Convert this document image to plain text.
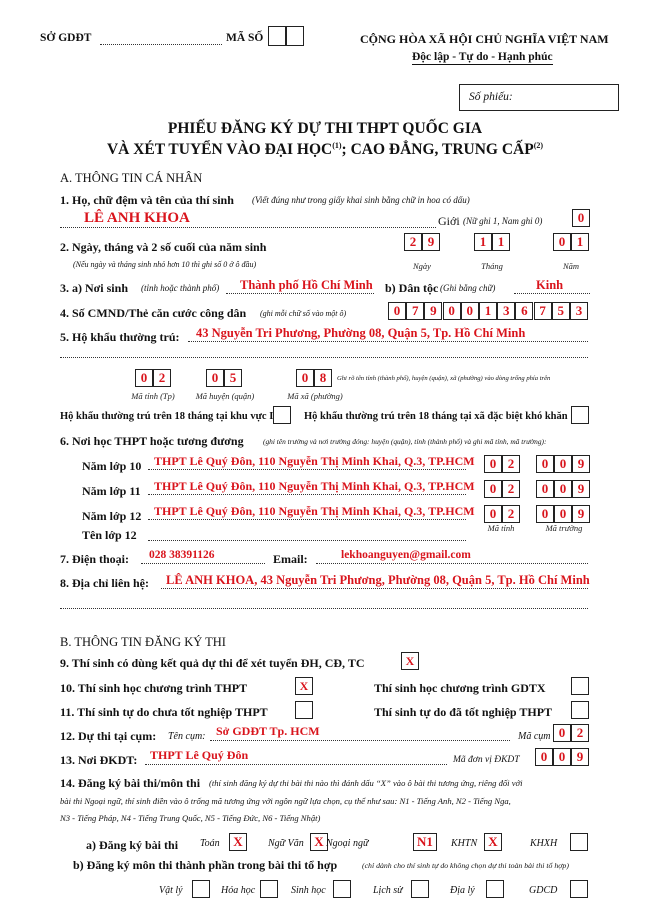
SỞ GDĐT	MÃ SỐ	CỘNG HÒA XÃ HỘI CHỦ NGHĨA VIỆT NAM
Độc lập - Tự do - Hạnh phúc
Số phiếu:
PHIẾU ĐĂNG KÝ DỰ THI THPT QUỐC GIA
VÀ XÉT TUYỂN VÀO ĐẠI HỌC$^{(1)}$; CAO ĐẲNG, TRUNG CẤP$^{(2)}$
A. THÔNG TIN CÁ NHÂN
1. Họ, chữ đệm và tên của thí sinh (Viết đúng như trong giấy khai sinh bằng chữ in hoa có dấu)
LÊ ANH KHOA	Giới (Nữ ghi 1, Nam ghi 0)	0
2. Ngày, tháng và 2 số cuối của năm sinh
(Nếu ngày và tháng sinh nhỏ hơn 10 thì ghi số 0 ở ô đầu)
2 9	1 1	0 1
Ngày	Tháng	Năm
3. a) Nơi sinh (tỉnh hoặc thành phố) Thành phố Hồ Chí Minh b) Dân tộc (Ghi bằng chữ)	Kinh
4. Số CMND/Thẻ căn cước công dân (ghi mỗi chữ số vào một ô)
5. Hộ khẩu thường trú: 43 Nguyễn Tri Phương, Phường 08, Quận 5, Tp. Hồ Chí Minh
0 2	0 5	0 8	Ghi rõ tên tỉnh (thành phố), huyện (quận), xã (phường) vào dòng trống phía trên
Mã tỉnh (Tp)	Mã huyện (quận)	Mã xã (phường)
Hộ khẩu thường trú trên 18 tháng tại khu vực I	Hộ khẩu thường trú trên 18 tháng tại xã đặc biệt khó khăn
6. Nơi học THPT hoặc tương đương	(ghi tên trường và nơi trường đóng: huyện (quận), tỉnh (thành phố) và ghi mã tỉnh, mã trường):
Tên lớp 12	Mã tỉnh	Mã trường
7. Điện thoại: 028 38391126	Email:	lekhoanguyen@gmail.com
8. Địa chỉ liên hệ: LÊ ANH KHOA, 43 Nguyễn Tri Phương, Phường 08, Quận 5, Tp. Hồ Chí Minh
B. THÔNG TIN ĐĂNG KÝ THI
9. Thí sinh có dùng kết quả dự thi để xét tuyển ĐH, CĐ, TC	X
10. Thí sinh học chương trình THPT	X	Thí sinh học chương trình GDTX
11. Thí sinh tự do chưa tốt nghiệp THPT	Thí sinh tự do đã tốt nghiệp THPT
12. Dự thi tại cụm: Tên cụm: Sở GDĐT Tp. HCM	Mã cụm 0 2
13. Nơi ĐKDT: THPT Lê Quý Đôn	Mã đơn vị ĐKDT	0 0 9
14. Đăng ký bài thi/môn thi (thí sinh đăng ký dự thi bài thi nào thì đánh dấu “X” vào ô bài thi tương ứng, riêng đối với
bài thi Ngoại ngữ, thí sinh điền vào ô trống mã tương ứng với ngôn ngữ lựa chọn, cụ thể như sau: N1 - Tiếng Anh, N2 - Tiếng Nga,
N3 - Tiếng Pháp, N4 - Tiếng Trung Quốc, N5 - Tiếng Đức, N6 - Tiếng Nhật)
a) Đăng ký bài thi
b) Đăng ký môn thi thành phần trong bài thi tổ hợp	(chỉ dành cho thí sinh tự do không chọn dự thi toàn bài thi tổ hợp)
0 7 9 0 0 1 3 6 7 5 3
Năm lớp 10 THPT Lê Quý Đôn, 110 Nguyễn Thị Minh Khai, Q.3, TP.HCM	0 2	0 0 9
Năm lớp 11 THPT Lê Quý Đôn, 110 Nguyễn Thị Minh Khai, Q.3, TP.HCM	0 2	0 0 9
Năm lớp 12 THPT Lê Quý Đôn, 110 Nguyễn Thị Minh Khai, Q.3, TP.HCM	0 2	0 0 9
Toán	X	Ngữ Văn X Ngoại ngữ	N1	KHTN X	KHXH
Vật lý	Hóa học	Sinh học	Lịch sử	Địa lý	GDCD
